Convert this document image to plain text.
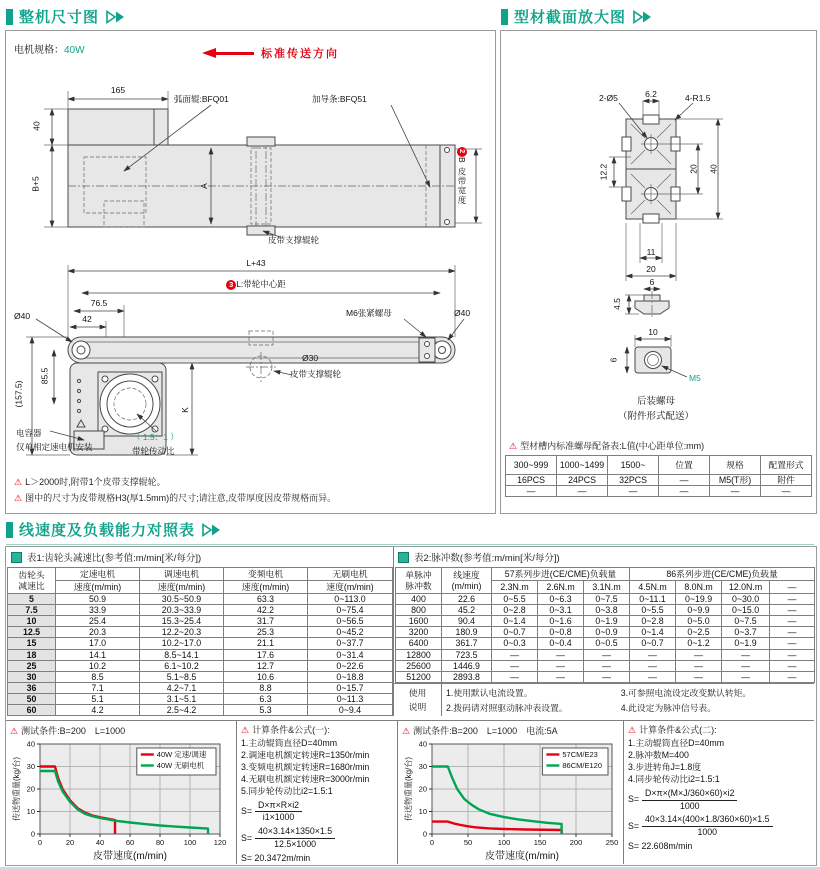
整机尺寸图
电机规格：40W	标准传送方向
165
弧面辊:BFQ01	加导条:BFQ51
40
B+5	A
皮带支撑辊轮
2B 皮带宽度
L+43
3 L:带轮中心距
76.5
42
Ø40	Ø40
M6张紧螺母
(157.5)
85.5
K
Ø30
皮带支撑辊轮
电容器
仅单相定速电机安装
（ 1.5：1 ）
带轮传动比
⚠ L＞2000时,附带1个皮带支撑辊轮。
⚠ 图中的尺寸为皮带规格H3(厚1.5mm)的尺寸;请注意,皮带厚度因皮带规格而异。
型材截面放大图
2-Ø5	6.2	4-R1.5
12.2	20 40
11
20
6
4.5
10
6
M5
后装螺母
（附件形式配送）
⚠ 型材槽内标准螺母配备表:L值(中心距单位:mm)
300~999	1000~1499	1500~	位置	规格	配置形式
16PCS	24PCS	32PCS	—	M5(T形)	附件
—	—	—	—	—	—
线速度及负载能力对照表
表1:齿轮头减速比(参考值:m/min[米/每分])
齿轮头
减速比	定速电机	调速电机	变频电机	无刷电机
	速度(m/min)	速度(m/min)	速度(m/min)	速度(m/min)
5	50.9	30.5~50.9	63.3	0~113.0
7.5	33.9	20.3~33.9	42.2	0~75.4
10	25.4	15.3~25.4	31.7	0~56.5
12.5	20.3	12.2~20.3	25.3	0~45.2
15	17.0	10.2~17.0	21.1	0~37.7
18	14.1	8.5~14.1	17.6	0~31.4
25	10.2	6.1~10.2	12.7	0~22.6
30	8.5	5.1~8.5	10.6	0~18.8
36	7.1	4.2~7.1	8.8	0~15.7
50	5.1	3.1~5.1	6.3	0~11.3
60	4.2	2.5~4.2	5.3	0~9.4
表2:脉冲数(参考值:m/min[米/每分])
单脉冲
脉冲数	线速度
(m/min)	57系列步进(CE/CME)负载量			86系列步进(CE/CME)负载量			
		2.3N.m	2.6N.m	3.1N.m	4.5N.m	8.0N.m	12.0N.m	—
400	22.6	0~5.5	0~6.3	0~7.5	0~11.1	0~19.9	0~30.0	—
800	45.2	0~2.8	0~3.1	0~3.8	0~5.5	0~9.9	0~15.0	—
1600	90.4	0~1.4	0~1.6	0~1.9	0~2.8	0~5.0	0~7.5	—
3200	180.9	0~0.7	0~0.8	0~0.9	0~1.4	0~2.5	0~3.7	—
6400	361.7	0~0.3	0~0.4	0~0.5	0~0.7	0~1.2	0~1.9	—
12800	723.5	—	—	—	—	—	—	—
25600	1446.9	—	—	—	—	—	—	—
51200	2893.8	—	—	—	—	—	—	—
使用
说明
1.使用默认电流设置。	3.可参照电流设定改变默认转矩。
2.拨码请对照驱动脉冲表设置。	4.此设定为脉冲信号表。
⚠ 测试条件:B=200　L=1000
0	20	40	60	80	100 120
0
10
20
30
40
40W 定速/调速
40W 无刷电机
皮带速度(m/min)
传送物重量(kg/台)
⚠ 计算条件&公式(一):
1.主动辊筒直径D=40mm
2.调速电机额定转速R=1350r/min
3.变频电机额定转速R=1680r/min
4.无刷电机额定转速R=3000r/min
5.同步轮传动比i2=1.5:1
$S= \frac{D\times\pi\times R\times i2}{i1\times 1000}$
$S= \frac{40\times 3.14\times 1350\times 1.5}{12.5\times 1000}$
S= 20.3472m/min
⚠ 测试条件:B=200　L=1000　电流:5A
0	50	100	150	200	250
0
10
20
30
40
57CM/E23
86CM/E120
皮带速度(m/min)
传送物重量(kg/台)
⚠ 计算条件&公式(二):
1.主动辊筒直径D=40mm
2.脉冲数M=400
3.步进转角J=1.8度
4.同步轮传动比i2=1.5:1
$S= \frac{D\times\pi\times(M\times J/360\times 60)\times i2}{1000}$
$S= \frac{40\times 3.14\times(400\times 1.8/360\times 60)\times 1.5}{1000}$
S= 22.608m/min
